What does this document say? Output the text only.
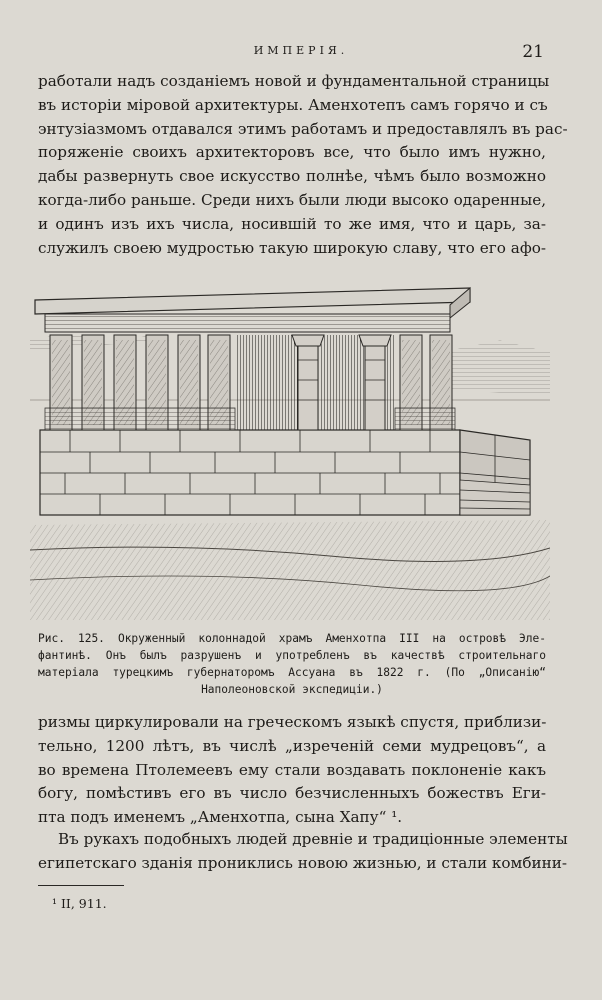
ИМПЕРІЯ.	21
работали надъ созданіемъ новой и фундаментальной страницы
въ исторіи міровой архитектуры. Аменхотепъ самъ горячо и съ
энтузіазмомъ отдавался этимъ работамъ и предоставлялъ въ рас-
поряженіе своихъ архитекторовъ все, что было имъ нужно,
дабы развернуть свое искусство полнѣе, чѣмъ было возможно
когда-либо раньше. Среди нихъ были люди высоко одаренные,
и одинъ изъ ихъ числа, носившій то же имя, что и царь, за-
служилъ своею мудростью такую широкую славу, что его афо-
Рис. 125. Окруженный колоннадой храмъ Аменхотпа III на островѣ Эле-
фантинѣ. Онъ былъ разрушенъ и употребленъ въ качествѣ строительнаго
матеріала турецкимъ губернаторомъ Ассуана въ 1822 г. (По „Описанію“
Наполеоновской экспедиціи.)
ризмы циркулировали на греческомъ языкѣ спустя, приблизи-
тельно, 1200 лѣтъ, въ числѣ „изреченій семи мудрецовъ“, а
во времена Птолемеевъ ему стали воздавать поклоненіе какъ
богу, помѣстивъ его въ число безчисленныхъ божествъ Еги-
пта подъ именемъ „Аменхотпа, сына Хапу“ ¹.
Въ рукахъ подобныхъ людей древніе и традиціонные элементы
египетскаго зданія прониклись новою жизнью, и стали комбини-
¹ II, 911.
